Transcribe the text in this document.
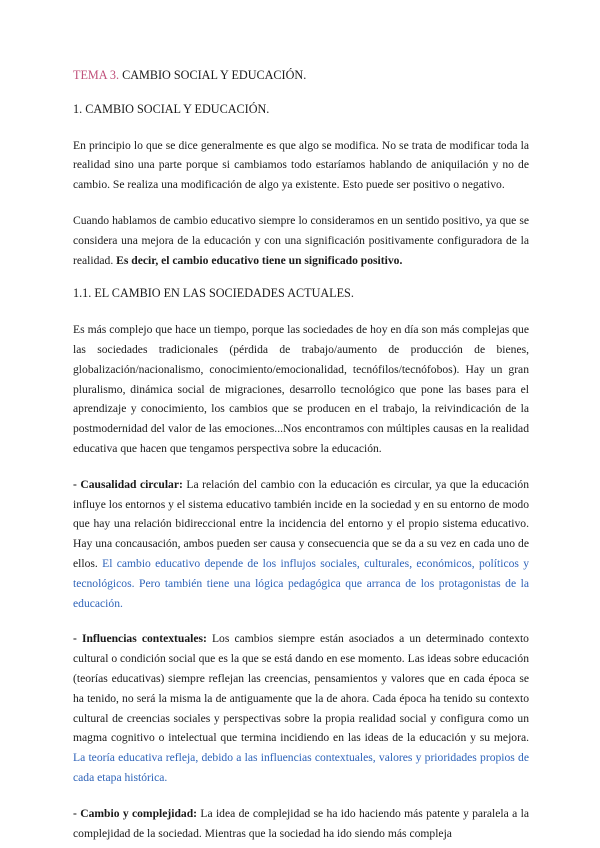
TEMA 3. CAMBIO SOCIAL Y EDUCACIÓN.
1. CAMBIO SOCIAL Y EDUCACIÓN.

En principio lo que se dice generalmente es que algo se modifica. No se trata de modificar toda la realidad sino una parte porque si cambiamos todo estaríamos hablando de aniquilación y no de cambio. Se realiza una modificación de algo ya existente. Esto puede ser positivo o negativo.

Cuando hablamos de cambio educativo siempre lo consideramos en un sentido positivo, ya que se considera una mejora de la educación y con una significación positivamente configuradora de la realidad. Es decir, el cambio educativo tiene un significado positivo.

1.1. EL CAMBIO EN LAS SOCIEDADES ACTUALES.

Es más complejo que hace un tiempo, porque las sociedades de hoy en día son más complejas que las sociedades tradicionales (pérdida de trabajo/aumento de producción de bienes, globalización/nacionalismo, conocimiento/emocionalidad, tecnófilos/tecnófobos). Hay un gran pluralismo, dinámica social de migraciones, desarrollo tecnológico que pone las bases para el aprendizaje y conocimiento, los cambios que se producen en el trabajo, la reivindicación de la postmodernidad del valor de las emociones...Nos encontramos con múltiples causas en la realidad educativa que hacen que tengamos perspectiva sobre la educación.

- Causalidad circular: La relación del cambio con la educación es circular, ya que la educación influye los entornos y el sistema educativo también incide en la sociedad y en su entorno de modo que hay una relación bidireccional entre la incidencia del entorno y el propio sistema educativo. Hay una concausación, ambos pueden ser causa y consecuencia que se da a su vez en cada uno de ellos. El cambio educativo depende de los influjos sociales, culturales, económicos, políticos y tecnológicos. Pero también tiene una lógica pedagógica que arranca de los protagonistas de la educación.

- Influencias contextuales: Los cambios siempre están asociados a un determinado contexto cultural o condición social que es la que se está dando en ese momento. Las ideas sobre educación (teorías educativas) siempre reflejan las creencias, pensamientos y valores que en cada época se ha tenido, no será la misma la de antiguamente que la de ahora. Cada época ha tenido su contexto cultural de creencias sociales y perspectivas sobre la propia realidad social y configura como un magma cognitivo o intelectual que termina incidiendo en las ideas de la educación y su mejora. La teoría educativa refleja, debido a las influencias contextuales, valores y prioridades propios de cada etapa histórica.

- Cambio y complejidad: La idea de complejidad se ha ido haciendo más patente y paralela a la complejidad de la sociedad. Mientras que la sociedad ha ido siendo más compleja
